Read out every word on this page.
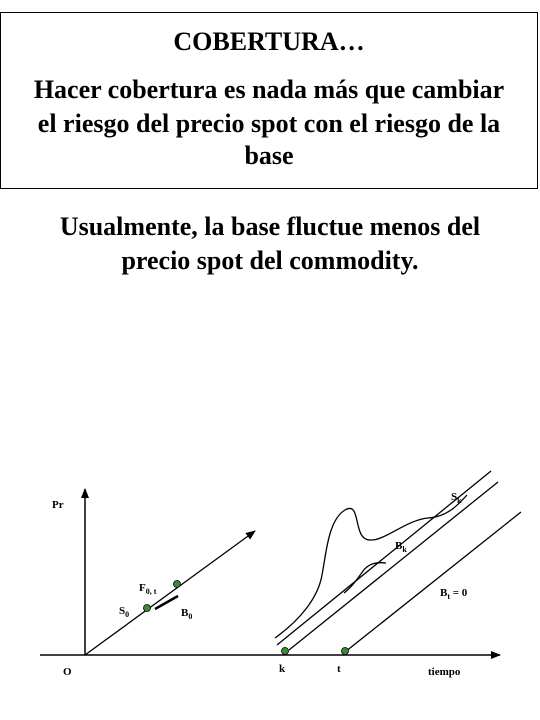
COBERTURA…
Hacer cobertura es nada más que cambiar
el riesgo del precio spot con el riesgo de la
base
Usualmente, la base fluctue menos del
precio spot del commodity.
Pr
O	tiempo
k	t
$F_{0, t}$
$S_0$	$B_0$
$S_k$
$B_k$
$B_t = 0$
